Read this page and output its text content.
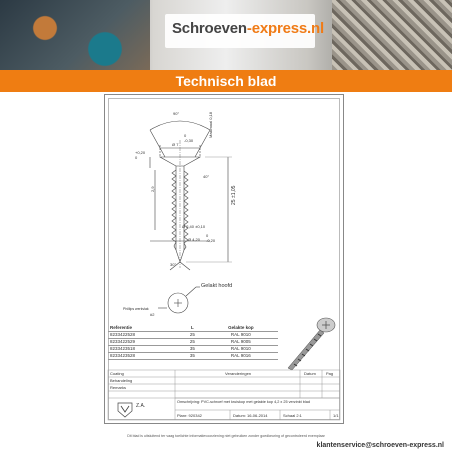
Schroeven-express.nl
Technisch blad
90°
Ø 7
0
-0,30
+0,20
0
Maximaal 0,18
40°
25 ±1,05
2,9
Ø 2,40 ±0,10
Ø 4,20
0
-0,20
30°
Gelakt hoofd
Phillips werkvlak
#2
Referentie	L	Gelakte kop
8233422528	25	RAL 9010
8233422529	25	RAL 9005
8233423518	35	RAL 9010
8233423528	35	RAL 9016
Coating
Behandeling
Remarks
Veranderingen	Datum	Pag
Omschrijving: PVC-schroef met kruiskop met gelakte kop 4,2 x 25 verzinkt blad
Z.A.
Planr: 920342	Datum: 16-06-2014	Schaal 2:1	1/1
Dit blad is uitsluitend ter vaag toelichte informatievoorziening niet gebruiken zonder goedkeuring of gecontroleerd exemplaar
klantenservice@schroeven-express.nl
